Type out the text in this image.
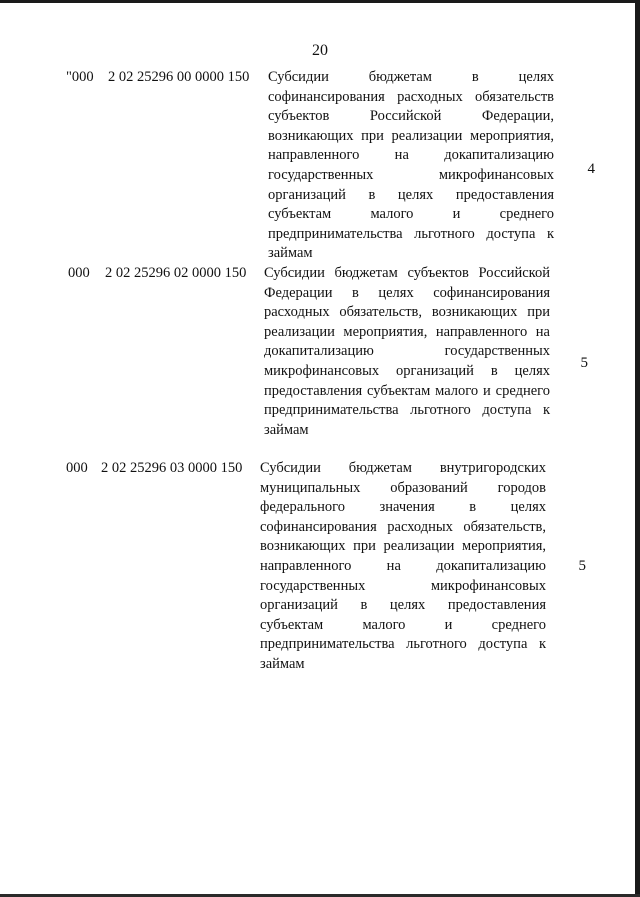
20
"000 2 02 25296 00 0000 150 Субсидии бюджетам в целях софинансирования расходных обязательств субъектов Российской Федерации, возникающих при реализации мероприятия, направленного на докапитализацию государственных микрофинансовых организаций в целях предоставления субъектам малого и среднего предпринимательства льготного доступа к займам
4
000 2 02 25296 02 0000 150 Субсидии бюджетам субъектов Российской Федерации в целях софинансирования расходных обязательств, возникающих при реализации мероприятия, направленного на докапитализацию государственных микрофинансовых организаций в целях предоставления субъектам малого и среднего предпринимательства льготного доступа к займам
5
000 2 02 25296 03 0000 150 Субсидии бюджетам внутригородских муниципальных образований городов федерального значения в целях софинансирования расходных обязательств, возникающих при реализации мероприятия, направленного на докапитализацию государственных микрофинансовых организаций в целях предоставления субъектам малого и среднего предпринимательства льготного доступа к займам
5
